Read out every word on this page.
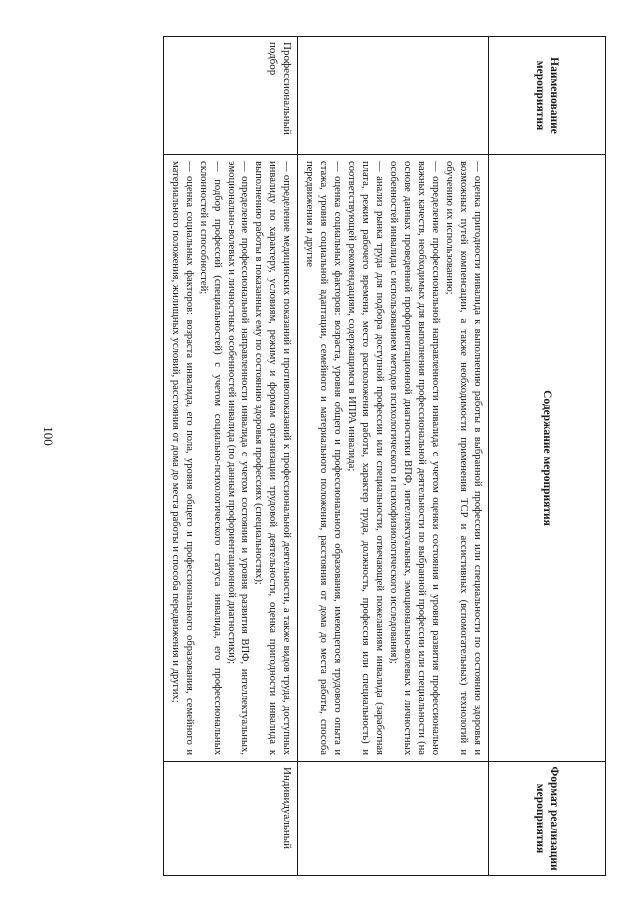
100
Наименование мероприятия	Содержание мероприятия	Формат реализации мероприятия

	— оценка пригодности инвалида к выполнению работы в выбранной профессии или специальности по состоянию здоровья и возможных путей компенсации, а также необходимости применения ТСР и ассистивных (вспомогательных) технологий и обучению их использованию;

— определение профессиональной направленности инвалида с учетом оценки состояния и уровня развития профессионально важных качеств, необходимых для выполнения профессиональной деятельности по выбранной профессии или специальности (на основе данных проведенной профориентационной диагностики ВПФ, интеллектуальных, эмоционально-волевых и личностных особенностей инвалида с использованием методов психологического и психофизиологического исследования);

— анализ рынка труда для подбора доступной профессии или специальности, отвечающей пожеланиям инвалида (заработная плата, режим рабочего времени, место расположения работы, характер труда, должность, профессия или специальность) и соответствующей рекомендациям, содержащимся в ИПРА инвалида;

— оценка социальных факторов: возраста, уровня общего и профессионального образования, имеющегося трудового опыта и стажа, уровня социальной адаптации, семейного и материального положения, расстояния от дома до места работы, способа передвижения и другие	

Профессиональный подбор	— определение медицинских показаний и противопоказаний к профессиональной деятельности, а также видов труда, доступных инвалиду по характеру, условиям, режиму и формам организации трудовой деятельности, оценка пригодности инвалида к выполнению работы в показанных ему по состоянию здоровья профессиях (специальностях);

— определение профессиональной направленности инвалида с учетом состояния и уровня развития ВПФ, интеллектуальных, эмоционально-волевых и личностных особенностей инвалида (по данным профориентационной диагностики);

— подбор профессий (специальностей) с учетом социально-психологического статуса инвалида, его профессиональных склонностей и способностей;

— оценка социальных факторов: возраста инвалида, его пола, уровня общего и профессионального образования, семейного и материального положения, жилищных условий, расстояния от дома до места работы и способа передвижения и других;	Индивидуальный
